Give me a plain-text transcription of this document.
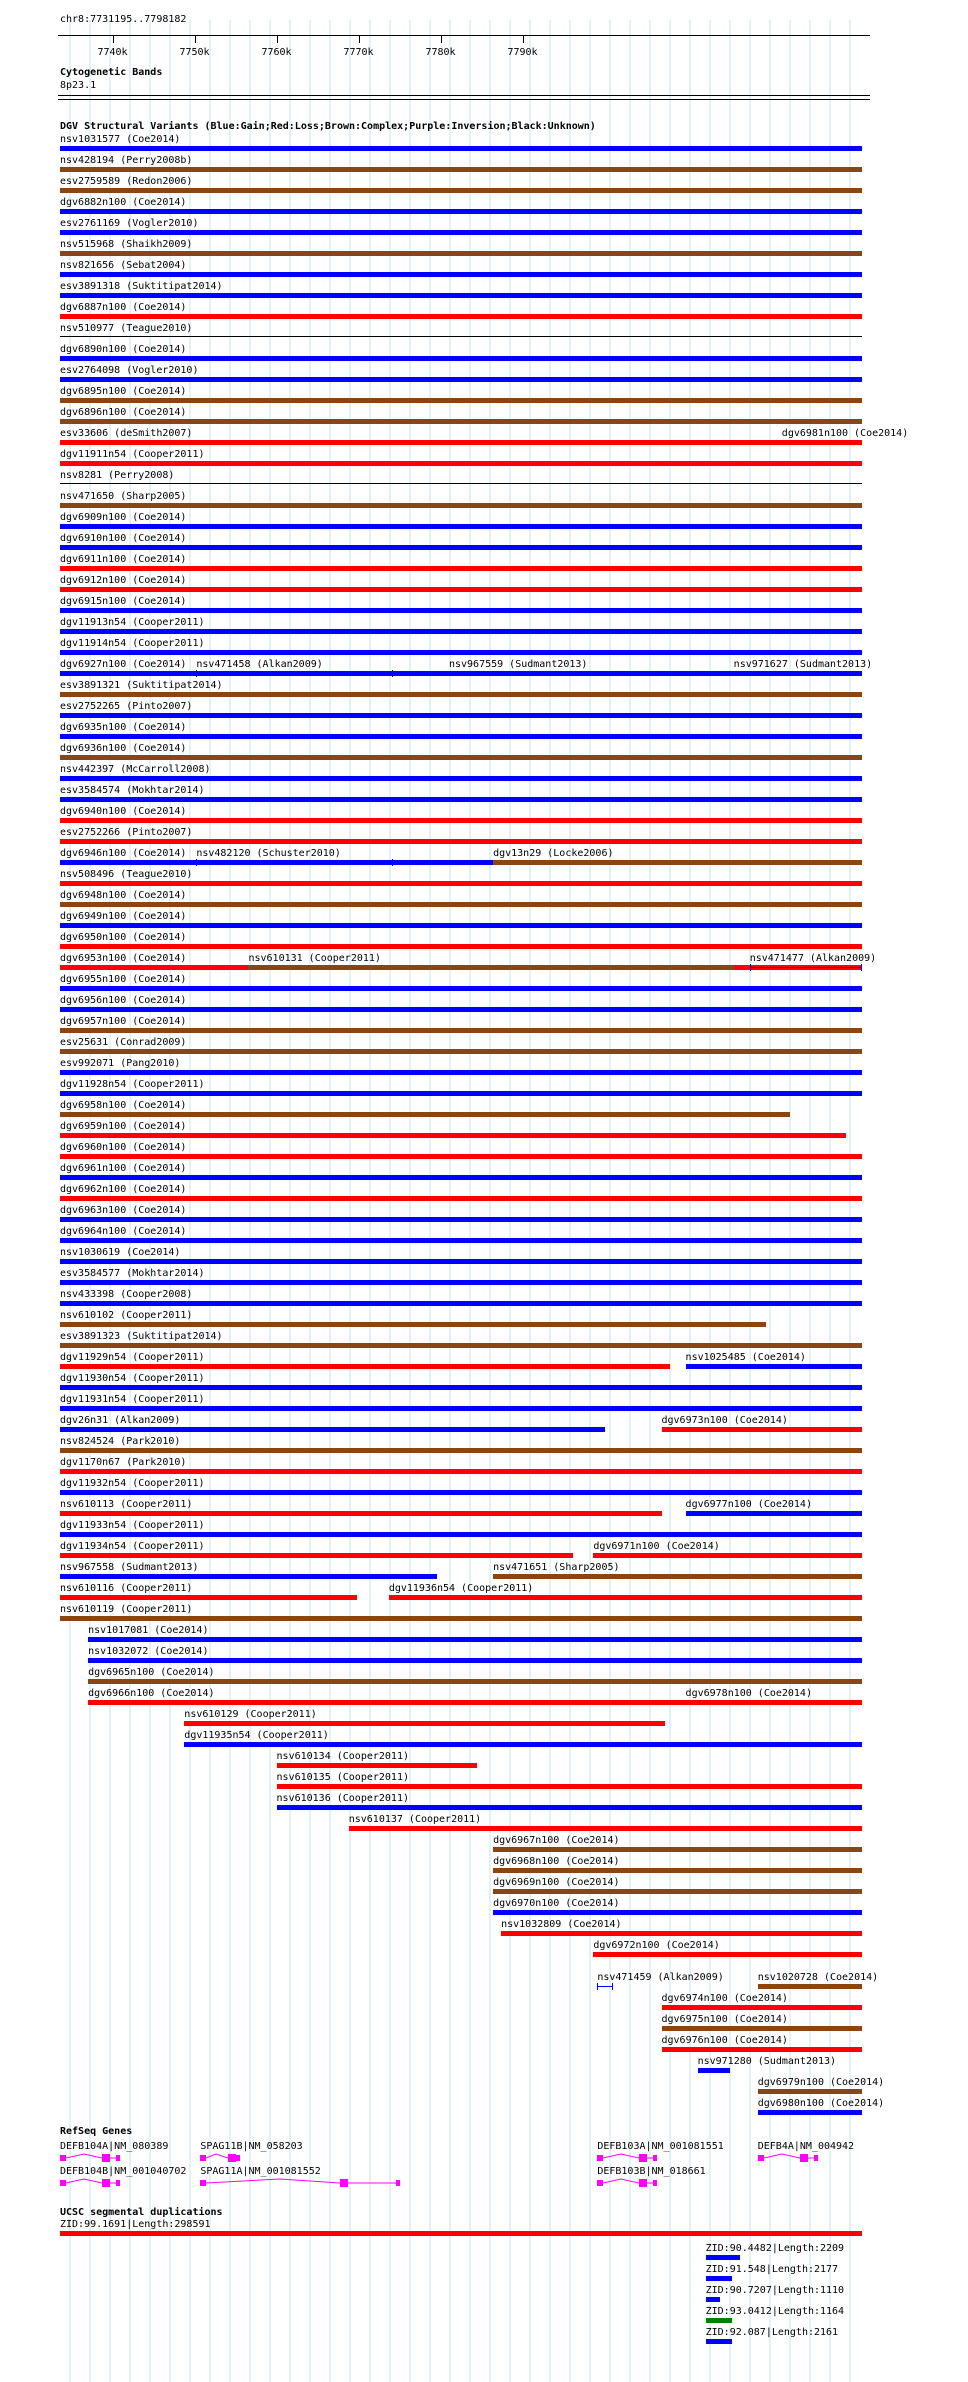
chr8:7731195..7798182
7740k	7750k	7760k	7770k	7780k	7790k
Cytogenetic Bands
8p23.1
DGV Structural Variants (Blue:Gain;Red:Loss;Brown:Complex;Purple:Inversion;Black:Unknown)
nsv1031577 (Coe2014)
nsv428194 (Perry2008b)
esv2759589 (Redon2006)
dgv6882n100 (Coe2014)
esv2761169 (Vogler2010)
nsv515968 (Shaikh2009)
nsv821656 (Sebat2004)
esv3891318 (Suktitipat2014)
dgv6887n100 (Coe2014)
nsv510977 (Teague2010)
dgv6890n100 (Coe2014)
esv2764098 (Vogler2010)
dgv6895n100 (Coe2014)
dgv6896n100 (Coe2014)
esv33606 (deSmith2007)
dgv11911n54 (Cooper2011)
nsv8281 (Perry2008)
nsv471650 (Sharp2005)
dgv6909n100 (Coe2014)
dgv6910n100 (Coe2014)
dgv6911n100 (Coe2014)
dgv6912n100 (Coe2014)
dgv6915n100 (Coe2014)
dgv11913n54 (Cooper2011)
dgv11914n54 (Cooper2011)
dgv6927n100 (Coe2014)
esv3891321 (Suktitipat2014)
esv2752265 (Pinto2007)
dgv6935n100 (Coe2014)
dgv6936n100 (Coe2014)
nsv442397 (McCarroll2008)
esv3584574 (Mokhtar2014)
dgv6940n100 (Coe2014)
esv2752266 (Pinto2007)
dgv6946n100 (Coe2014)
nsv508496 (Teague2010)
dgv6948n100 (Coe2014)
dgv6949n100 (Coe2014)
dgv6950n100 (Coe2014)
dgv6953n100 (Coe2014)
dgv6955n100 (Coe2014)
dgv6956n100 (Coe2014)
dgv6957n100 (Coe2014)
esv25631 (Conrad2009)
esv992071 (Pang2010)
dgv11928n54 (Cooper2011)
dgv6958n100 (Coe2014)
dgv6959n100 (Coe2014)
dgv6960n100 (Coe2014)
dgv6961n100 (Coe2014)
dgv6962n100 (Coe2014)
dgv6963n100 (Coe2014)
dgv6964n100 (Coe2014)
nsv1030619 (Coe2014)
esv3584577 (Mokhtar2014)
nsv433398 (Cooper2008)
nsv610102 (Cooper2011)
esv3891323 (Suktitipat2014)
dgv11929n54 (Cooper2011)
dgv11930n54 (Cooper2011)
dgv11931n54 (Cooper2011)
dgv26n31 (Alkan2009)
nsv824524 (Park2010)
dgv1170n67 (Park2010)
dgv11932n54 (Cooper2011)
nsv610113 (Cooper2011)
dgv11933n54 (Cooper2011)
dgv11934n54 (Cooper2011)
nsv967558 (Sudmant2013)
nsv610116 (Cooper2011)
nsv610119 (Cooper2011)
nsv1017081 (Coe2014)
nsv1032072 (Coe2014)
dgv6965n100 (Coe2014)
dgv6966n100 (Coe2014)
nsv610129 (Cooper2011)
dgv11935n54 (Cooper2011)
nsv610134 (Cooper2011)
nsv610135 (Cooper2011)
nsv610136 (Cooper2011)
nsv610137 (Cooper2011)
dgv6967n100 (Coe2014)
dgv6968n100 (Coe2014)
dgv6969n100 (Coe2014)
dgv6970n100 (Coe2014)
nsv1032809 (Coe2014)
dgv6972n100 (Coe2014)
dgv6981n100 (Coe2014)
nsv471458 (Alkan2009)	nsv967559 (Sudmant2013)	nsv971627 (Sudmant2013)
nsv482120 (Schuster2010)	dgv13n29 (Locke2006)
nsv610131 (Cooper2011)	nsv471477 (Alkan2009)
nsv1025485 (Coe2014)
dgv6973n100 (Coe2014)
dgv6977n100 (Coe2014)
dgv6971n100 (Coe2014)
nsv471651 (Sharp2005)
dgv11936n54 (Cooper2011)
dgv6978n100 (Coe2014)
nsv471459 (Alkan2009)	nsv1020728 (Coe2014)
dgv6974n100 (Coe2014)
dgv6975n100 (Coe2014)
dgv6976n100 (Coe2014)
nsv971280 (Sudmant2013)
dgv6979n100 (Coe2014)
dgv6980n100 (Coe2014)
RefSeq Genes
DEFB104A|NM_080389	SPAG11B|NM_058203	DEFB103A|NM_001081551	DEFB4A|NM_004942
DEFB104B|NM_001040702 SPAG11A|NM_001081552	DEFB103B|NM_018661
UCSC segmental duplications
ZID:99.1691|Length:298591
ZID:90.4482|Length:2209
ZID:91.548|Length:2177
ZID:90.7207|Length:1110
ZID:93.0412|Length:1164
ZID:92.087|Length:2161
